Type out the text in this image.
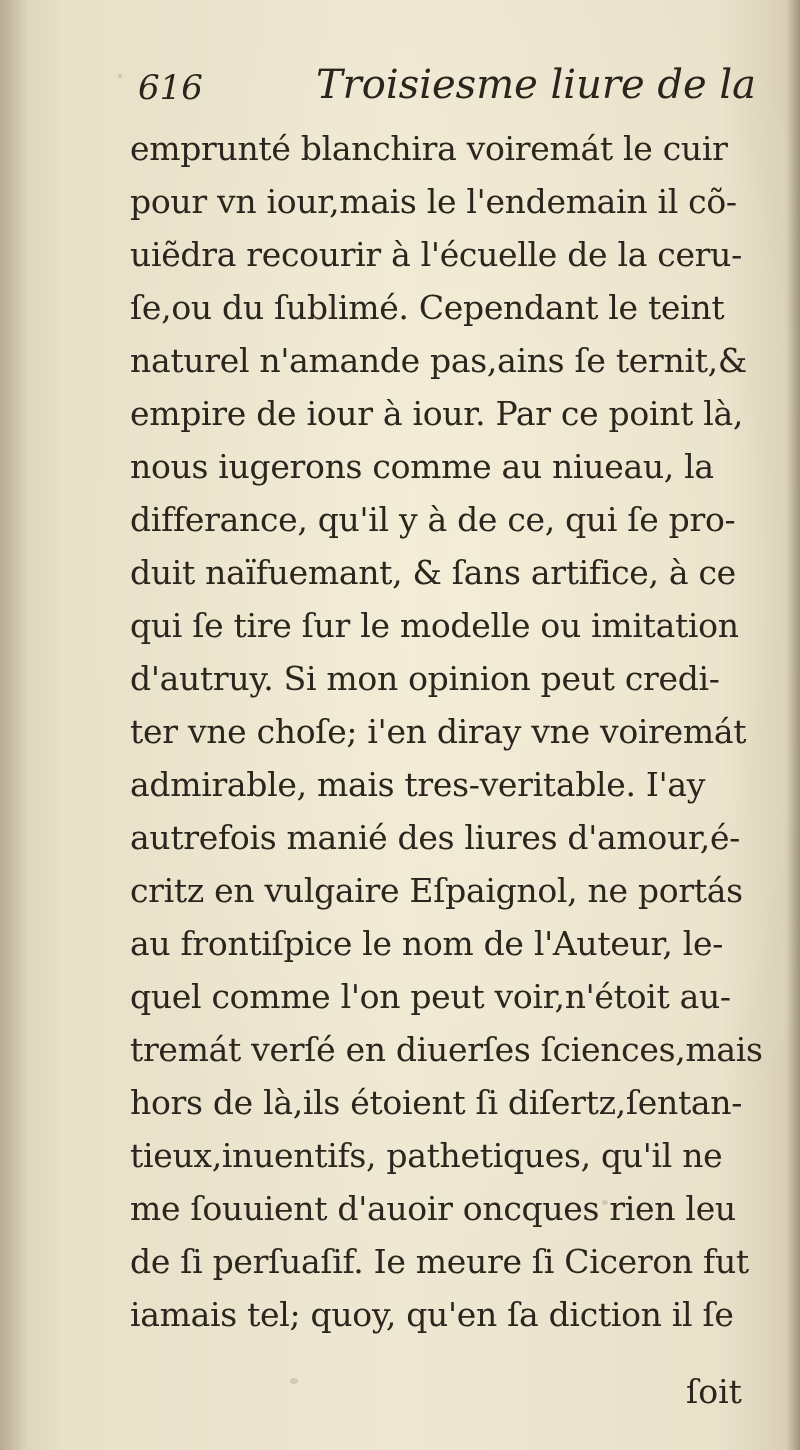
616	Troisiesme liure de la
emprunté blanchira voiremát le cuir
pour vn iour,mais le l'endemain il cõ-
uiẽdra recourir à l'écuelle de la ceru-
ſe,ou du ſublimé. Cependant le teint
naturel n'amande pas,ains ſe ternit,&
empire de iour à iour. Par ce point là,
nous iugerons comme au niueau, la
differance, qu'il y à de ce, qui ſe pro-
duit naïfuemant, & ſans artifice, à ce
qui ſe tire ſur le modelle ou imitation
d'autruy. Si mon opinion peut credi-
ter vne choſe; i'en diray vne voiremát
admirable, mais tres-veritable. I'ay
autrefois manié des liures d'amour,é-
critz en vulgaire Eſpaignol, ne portás
au frontiſpice le nom de l'Auteur, le-
quel comme l'on peut voir,n'étoit au-
tremát verſé en diuerſes ſciences,mais
hors de là,ils étoient ſi diſertz,ſentan-
tieux,inuentifs, pathetiques, qu'il ne
me ſouuient d'auoir oncques rien leu
de ſi perſuaſif. Ie meure ſi Ciceron fut
iamais tel; quoy, qu'en ſa diction il ſe
ſoit
